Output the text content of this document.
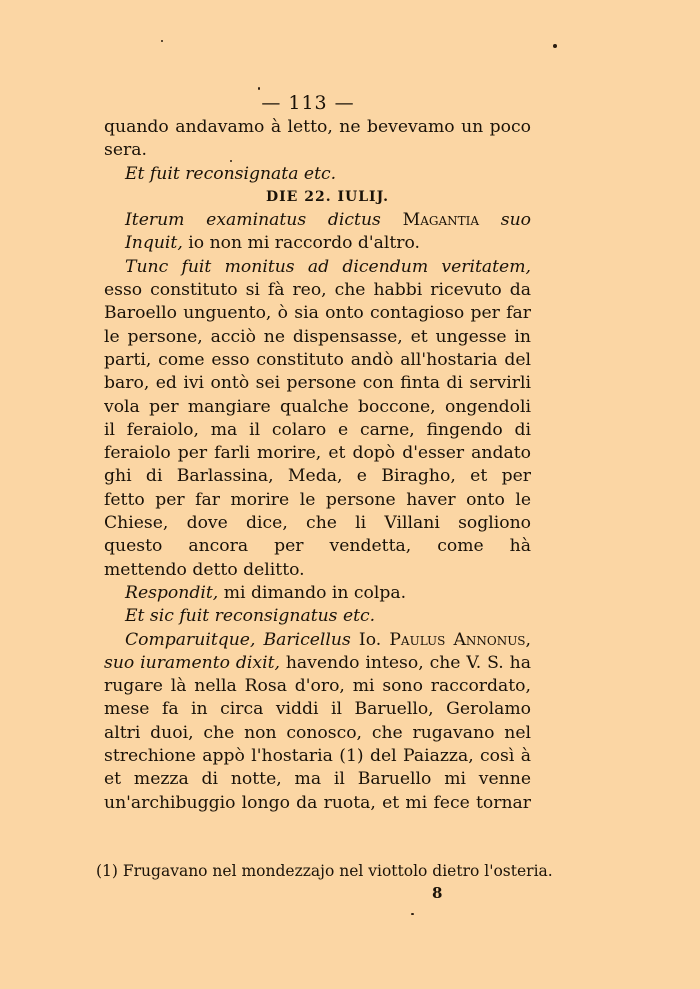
— 113 —
quando andavamo à letto, ne bevevamo un poco
sera.
Et fuit reconsignata etc.
DIE 22. IULIJ.
Iterum examinatus dictus Magantia suo
Inquit, io non mi raccordo d'altro.
Tunc fuit monitus ad dicendum veritatem,
esso constituto si fà reo, che habbi ricevuto da
Baroello unguento, ò sia onto contagioso per far
le persone, acciò ne dispensasse, et ungesse in
parti, come esso constituto andò all'hostaria del
baro, ed ivi ontò sei persone con finta di servirli
vola per mangiare qualche boccone, ongendoli
il feraiolo, ma il colaro e carne, fingendo di
feraiolo per farli morire, et dopò d'esser andato
ghi di Barlassina, Meda, e Biragho, et per
fetto per far morire le persone haver onto le
Chiese, dove dice, che li Villani sogliono
questo ancora per vendetta, come hà
mettendo detto delitto.
Respondit, mi dimando in colpa.
Et sic fuit reconsignatus etc.
Comparuitque, Baricellus Io. Paulus Annonus,
suo iuramento dixit, havendo inteso, che V. S. ha
rugare là nella Rosa d'oro, mi sono raccordato,
mese fa in circa viddi il Baruello, Gerolamo
altri duoi, che non conosco, che rugavano nel
strechione appò l'hostaria (1) del Paiazza, così à
et mezza di notte, ma il Baruello mi venne
un'archibuggio longo da ruota, et mi fece tornar
(1) Frugavano nel mondezzajo nel viottolo dietro l'osteria.
8
